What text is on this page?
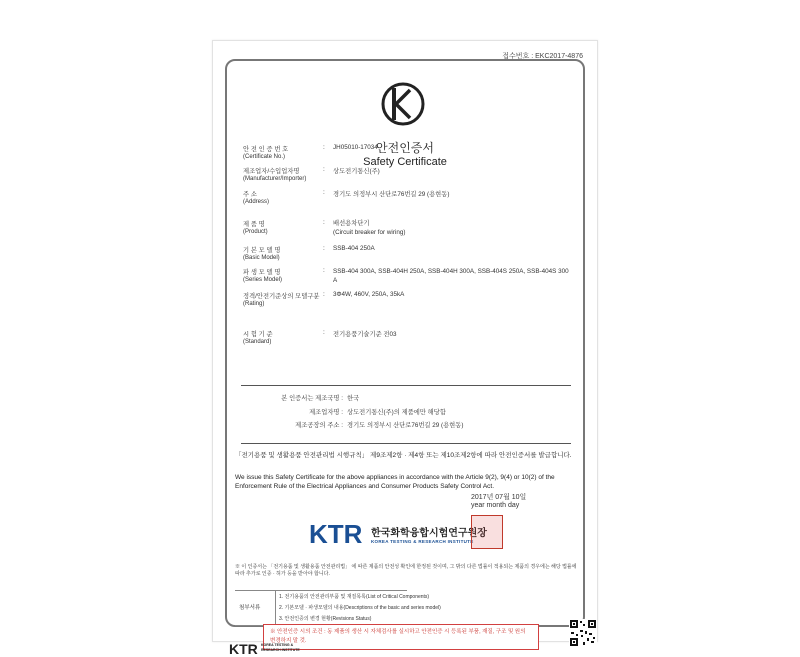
접수번호 : EKC2017-4876
안전인증서
Safety Certificate
안 전 인 증 번 호
(Certificate No.)
: JH05010-17034
제조업자/수입업자명
(Manufacturer/Importer)
: 상도전기통신(주)
주 소
(Address)
: 경기도 의정부시 산단로76번길 29 (용현동)
제 품 명
(Product)
: 배선용차단기
(Circuit breaker for wiring)
기 본 모 델 명
(Basic Model)
: SSB-404 250A
파 생 모 델 명
(Series Model)
: SSB-404 300A, SSB-404H 250A, SSB-404H 300A, SSB-404S 250A, SSB-404S 300 A
정격/안전기준상의 모델구분
(Rating)
: 3Φ4W, 460V, 250A, 35kA
시 험 기 준
(Standard)
: 전기용품기술기준 전03
본 인증서는 제조국명 : 한국
제조업자명 : 상도전기통신(주)의 제품에만 해당함
제조공장의 주소 : 경기도 의정부시 산단로76번길 29 (용현동)
「전기용품 및 생활용품 안전관리법 시행규칙」 제9조제2항 · 제4항 또는 제10조제2항에 따라 안전인증서를 발급합니다.
We issue this Safety Certificate for the above appliances in accordance with the Article 9(2), 9(4) or 10(2) of the Enforcement Rule of the Electrical Appliances and Consumer Products Safety Control Act.
2017년 07월 10일
year month day
KTR 한국화학융합시험연구원장
KOREA TESTING & RESEARCH INSTITUTE
※ 이 인증서는 「전기용품 및 생활용품 안전관리법」 에 따른 제품의 안전성 확인에 한정된 것이며, 그 밖의 다른 법률이 적용되는 제품의 경우에는 해당 법률에 따라 추가로 인증 · 허가 등을 받아야 합니다.
첨부서류
1. 전기용품의 안전관리부품 및 재질목록(List of Critical Components)
2. 기본모델 · 파생모델의 내용(Descriptions of the basic and series model)
3. 안전인증의 변경 현황(Revisions Status)
※ 안전인증 시의 조건 : 동 제품의 생산 시 자체검사를 실시하고 안전인증 시 등록된 부품, 재질, 구조 및 원의 변경하지 말 것.
KTR KOREA TESTING &
RESEARCH INSTITUTE
